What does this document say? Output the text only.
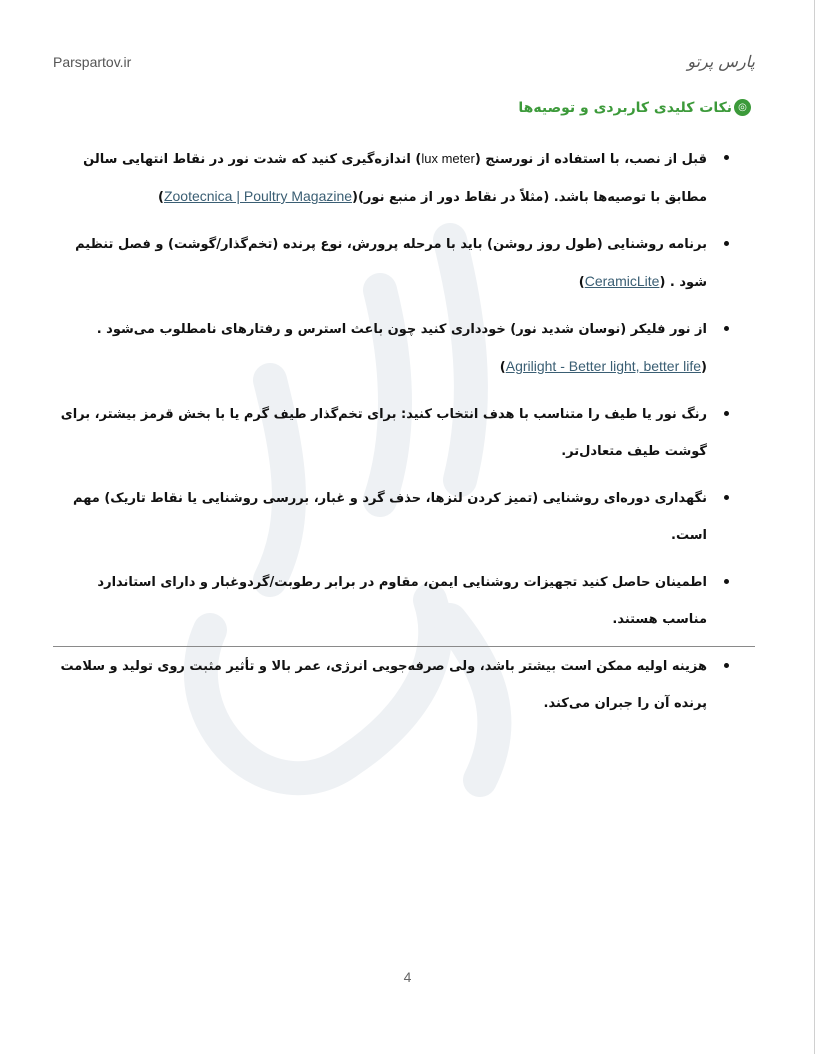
Parspartov.ir	پارس پرتو
◎
نکات کلیدی کاربردی و توصیه‌ها
قبل از نصب، با استفاده از نورسنج (lux meter) اندازه‌گیری کنید که شدت نور در نقاط انتهایی سالن مطابق با توصیه‌ها باشد. (مثلاً در نقاط دور از منبع نور)(Zootecnica | Poultry Magazine)
برنامه روشنایی (طول روز روشن) باید با مرحله پرورش، نوع پرنده (تخم‌گذار/گوشت) و فصل تنظیم شود . (CeramicLite)
از نور فلیکر (نوسان شدید نور) خودداری کنید چون باعث استرس و رفتارهای نامطلوب می‌شود . (Agrilight - Better light, better life)
رنگ نور یا طیف را متناسب با هدف انتخاب کنید: برای تخم‌گذار طیف گرم یا با بخش قرمز بیشتر، برای گوشت طیف متعادل‌تر.
نگهداری دوره‌ای روشنایی (تمیز کردن لنزها، حذف گرد و غبار، بررسی روشنایی یا نقاط تاریک) مهم است.
اطمینان حاصل کنید تجهیزات روشنایی ایمن، مقاوم در برابر رطوبت/گردوغبار و دارای استاندارد مناسب هستند.
هزینه اولیه ممکن است بیشتر باشد، ولی صرفه‌جویی انرژی، عمر بالا و تأثیر مثبت روی تولید و سلامت پرنده آن را جبران می‌کند.
4
